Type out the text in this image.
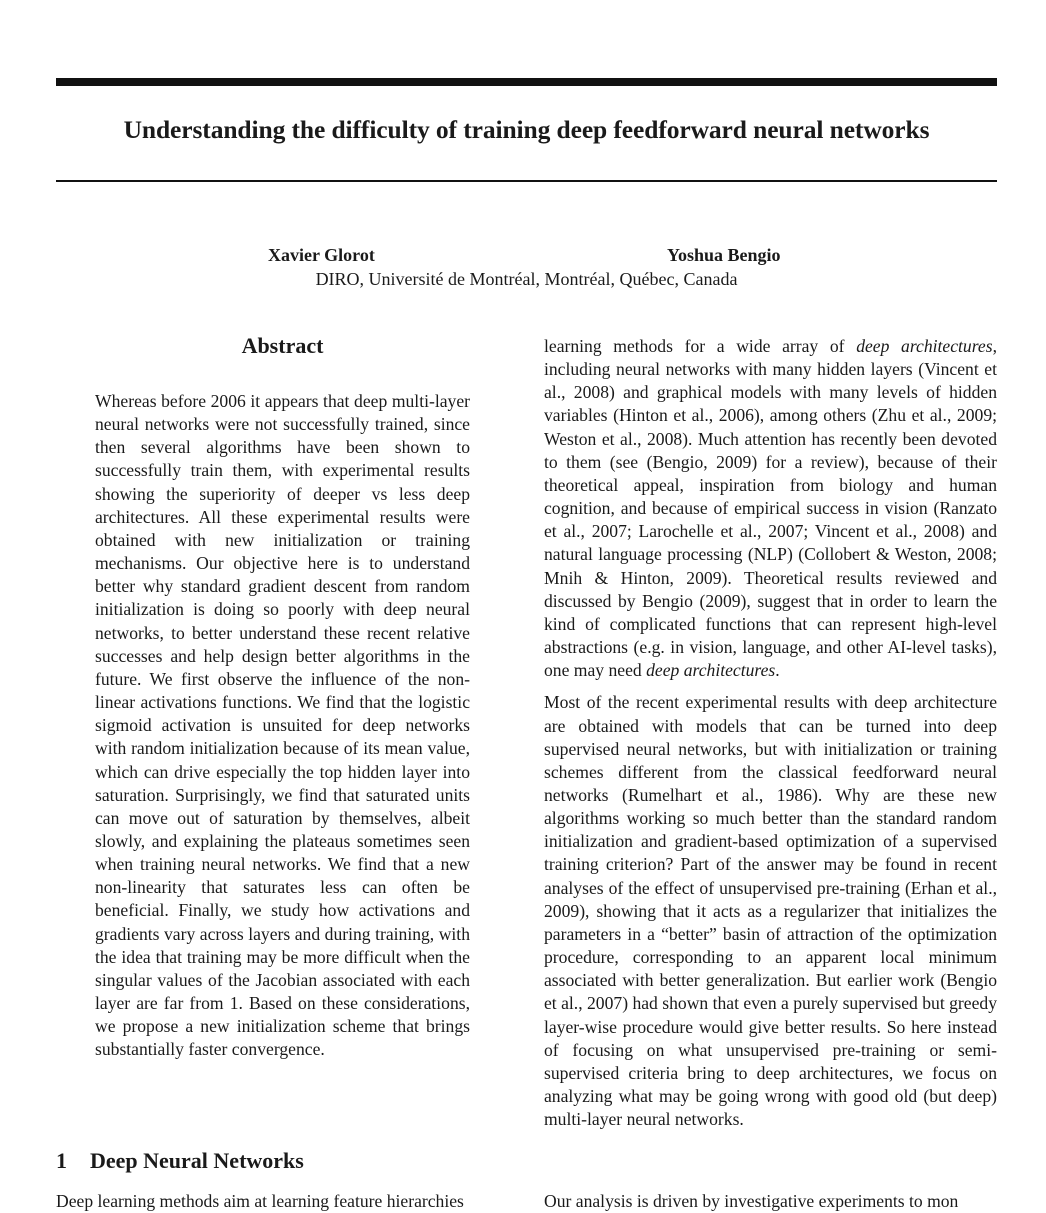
Understanding the difficulty of training deep feedforward neural networks
Xavier Glorot	Yoshua Bengio
DIRO, Université de Montréal, Montréal, Québec, Canada
Abstract

Whereas before 2006 it appears that deep multi-layer neural networks were not successfully trained, since then several algorithms have been shown to successfully train them, with experimental results showing the superiority of deeper vs less deep architectures. All these experimental results were obtained with new initialization or training mechanisms. Our objective here is to understand better why standard gradient descent from random initialization is doing so poorly with deep neural networks, to better understand these recent relative successes and help design better algorithms in the future. We first observe the influence of the non-linear activations functions. We find that the logistic sigmoid activation is unsuited for deep networks with random initialization because of its mean value, which can drive especially the top hidden layer into saturation. Surprisingly, we find that saturated units can move out of saturation by themselves, albeit slowly, and explaining the plateaus sometimes seen when training neural networks. We find that a new non-linearity that saturates less can often be beneficial. Finally, we study how activations and gradients vary across layers and during training, with the idea that training may be more difficult when the singular values of the Jacobian associated with each layer are far from 1. Based on these considerations, we propose a new initialization scheme that brings substantially faster convergence.

1 Deep Neural Networks
Deep learning methods aim at learning feature hierarchies

learning methods for a wide array of deep architectures, including neural networks with many hidden layers (Vincent et al., 2008) and graphical models with many levels of hidden variables (Hinton et al., 2006), among others (Zhu et al., 2009; Weston et al., 2008). Much attention has recently been devoted to them (see (Bengio, 2009) for a review), because of their theoretical appeal, inspiration from biology and human cognition, and because of empirical success in vision (Ranzato et al., 2007; Larochelle et al., 2007; Vincent et al., 2008) and natural language processing (NLP) (Collobert & Weston, 2008; Mnih & Hinton, 2009). Theoretical results reviewed and discussed by Bengio (2009), suggest that in order to learn the kind of complicated functions that can represent high-level abstractions (e.g. in vision, language, and other AI-level tasks), one may need deep architectures.

Most of the recent experimental results with deep architecture are obtained with models that can be turned into deep supervised neural networks, but with initialization or training schemes different from the classical feedforward neural networks (Rumelhart et al., 1986). Why are these new algorithms working so much better than the standard random initialization and gradient-based optimization of a supervised training criterion? Part of the answer may be found in recent analyses of the effect of unsupervised pre-training (Erhan et al., 2009), showing that it acts as a regularizer that initializes the parameters in a “better” basin of attraction of the optimization procedure, corresponding to an apparent local minimum associated with better generalization. But earlier work (Bengio et al., 2007) had shown that even a purely supervised but greedy layer-wise procedure would give better results. So here instead of focusing on what unsupervised pre-training or semi-supervised criteria bring to deep architectures, we focus on analyzing what may be going wrong with good old (but deep) multi-layer neural networks.

Our analysis is driven by investigative experiments to mon
